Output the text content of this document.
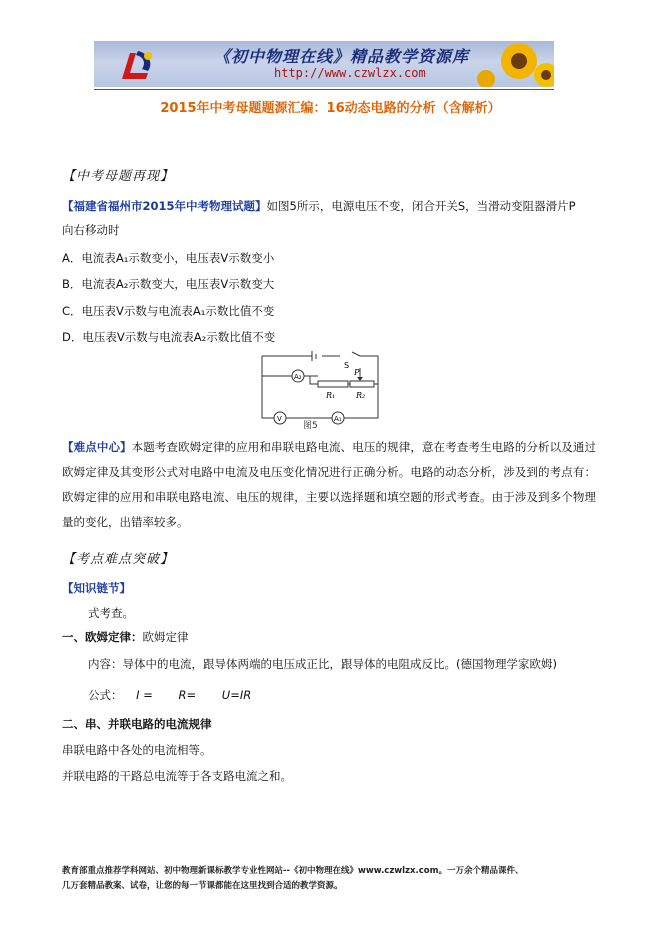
《初中物理在线》精品教学资源库
http://www.czwlzx.com
2015年中考母题题源汇编：16动态电路的分析（含解析）
【中考母题再现】
【福建省福州市2015年中考物理试题】如图5所示，电源电压不变，闭合开关S，当滑动变阻器滑片P
向右移动时
A．电流表A₁示数变小，电压表V示数变小
B．电流表A₂示数变大，电压表V示数变大
C．电压表V示数与电流表A₁示数比值不变
D．电压表V示数与电流表A₂示数比值不变
A₂
V	A₁
S
P
R₁	R₂
图5
【难点中心】本题考查欧姆定律的应用和串联电路电流、电压的规律，意在考查考生电路的分析以及通过欧姆定律及其变形公式对电路中电流及电压变化情况进行正确分析。电路的动态分析，涉及到的考点有：欧姆定律的应用和串联电路电流、电压的规律，主要以选择题和填空题的形式考查。由于涉及到多个物理量的变化，出错率较多。
【考点难点突破】
【知识链节】
式考查。
一、欧姆定律：欧姆定律
内容：导体中的电流，跟导体两端的电压成正比，跟导体的电阻成反比。(德国物理学家欧姆)
公式： I = R= U=IR
二、串、并联电路的电流规律
串联电路中各处的电流相等。
并联电路的干路总电流等于各支路电流之和。
教育部重点推荐学科网站、初中物理新课标教学专业性网站--《初中物理在线》www.czwlzx.com。一万余个精品课件、
几万套精品教案、试卷，让您的每一节课都能在这里找到合适的教学资源。
